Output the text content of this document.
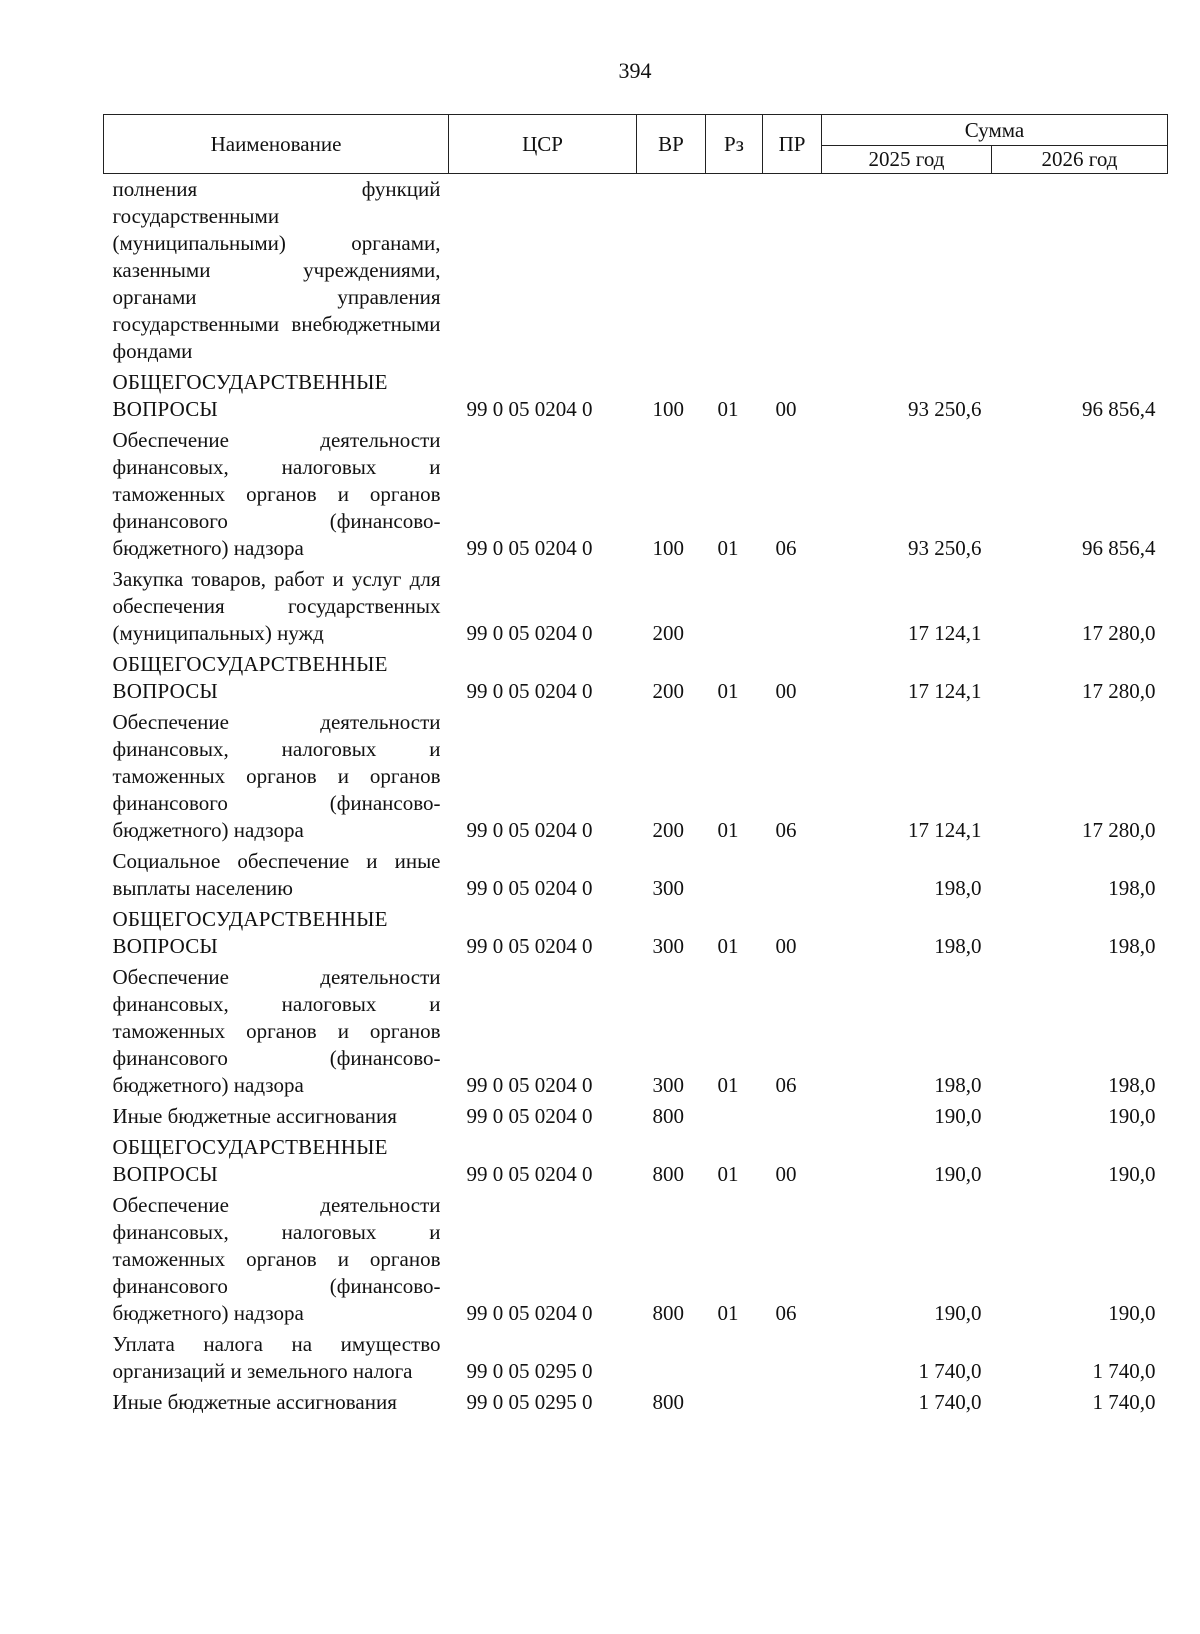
394
Наименование	ЦСР	ВР	Рз	ПР	Сумма	
					2025 год	2026 год
полнения функций государственными (муниципальными) органами, казенными учреждениями, органами управления государственными внебюджетными фондами						
ОБЩЕГОСУДАРСТВЕННЫЕ ВОПРОСЫ	99 0 05 0204 0	100	01	00	93 250,6	96 856,4
Обеспечение деятельности финансовых, налоговых и таможенных органов и органов финансового (финансово-бюджетного) надзора	99 0 05 0204 0	100	01	06	93 250,6	96 856,4
Закупка товаров, работ и услуг для обеспечения государственных (муниципальных) нужд	99 0 05 0204 0	200			17 124,1	17 280,0
ОБЩЕГОСУДАРСТВЕННЫЕ ВОПРОСЫ	99 0 05 0204 0	200	01	00	17 124,1	17 280,0
Обеспечение деятельности финансовых, налоговых и таможенных органов и органов финансового (финансово-бюджетного) надзора	99 0 05 0204 0	200	01	06	17 124,1	17 280,0
Социальное обеспечение и иные выплаты населению	99 0 05 0204 0	300			198,0	198,0
ОБЩЕГОСУДАРСТВЕННЫЕ ВОПРОСЫ	99 0 05 0204 0	300	01	00	198,0	198,0
Обеспечение деятельности финансовых, налоговых и таможенных органов и органов финансового (финансово-бюджетного) надзора	99 0 05 0204 0	300	01	06	198,0	198,0
Иные бюджетные ассигнования	99 0 05 0204 0	800			190,0	190,0
ОБЩЕГОСУДАРСТВЕННЫЕ ВОПРОСЫ	99 0 05 0204 0	800	01	00	190,0	190,0
Обеспечение деятельности финансовых, налоговых и таможенных органов и органов финансового (финансово-бюджетного) надзора	99 0 05 0204 0	800	01	06	190,0	190,0
Уплата налога на имущество организаций и земельного налога	99 0 05 0295 0				1 740,0	1 740,0
Иные бюджетные ассигнования	99 0 05 0295 0	800			1 740,0	1 740,0
